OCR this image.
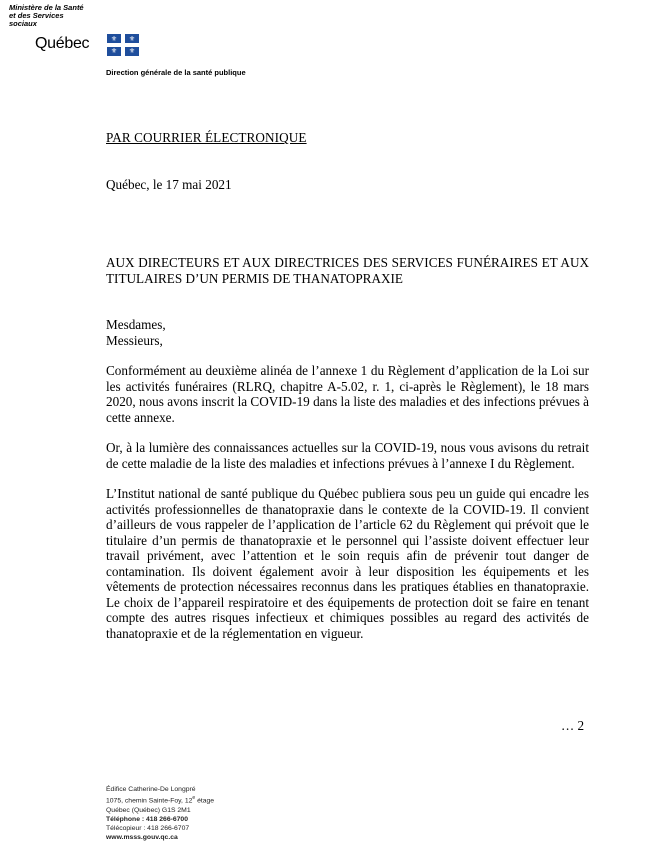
Ministère de la Santé
et des Services
sociaux
Québec	⚜ ⚜
⚜ ⚜
Direction générale de la santé publique
PAR COURRIER ÉLECTRONIQUE
Québec, le 17 mai 2021
AUX DIRECTEURS ET AUX DIRECTRICES DES SERVICES FUNÉRAIRES ET AUX TITULAIRES D’UN PERMIS DE THANATOPRAXIE
Mesdames,
Messieurs,
Conformément au deuxième alinéa de l’annexe 1 du Règlement d’application de la Loi sur les activités funéraires (RLRQ, chapitre A-5.02, r. 1, ci-après le Règlement), le 18 mars 2020, nous avons inscrit la COVID-19 dans la liste des maladies et des infections prévues à cette annexe.
Or, à la lumière des connaissances actuelles sur la COVID-19, nous vous avisons du retrait de cette maladie de la liste des maladies et infections prévues à l’annexe I du Règlement.
L’Institut national de santé publique du Québec publiera sous peu un guide qui encadre les activités professionnelles de thanatopraxie dans le contexte de la COVID-19. Il convient d’ailleurs de vous rappeler de l’application de l’article 62 du Règlement qui prévoit que le titulaire d’un permis de thanatopraxie et le personnel qui l’assiste doivent effectuer leur travail privément, avec l’attention et le soin requis afin de prévenir tout danger de contamination. Ils doivent également avoir à leur disposition les équipements et les vêtements de protection nécessaires reconnus dans les pratiques établies en thanatopraxie. Le choix de l’appareil respiratoire et des équipements de protection doit se faire en tenant compte des autres risques infectieux et chimiques possibles au regard des activités de thanatopraxie et de la réglementation en vigueur.
… 2
Édifice Catherine-De Longpré
1075, chemin Sainte-Foy, 12e étage
Québec (Québec) G1S 2M1
Téléphone : 418 266-6700
Télécopieur : 418 266-6707
www.msss.gouv.qc.ca
